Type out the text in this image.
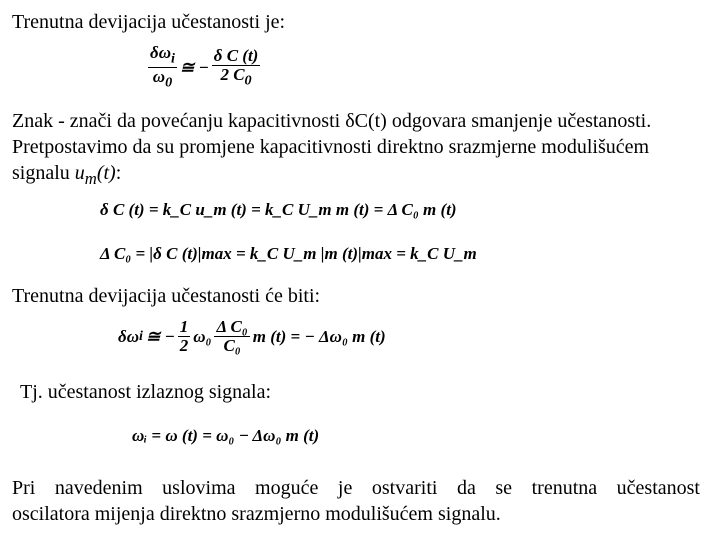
Trenutna devijacija učestanosti je:
$\frac{\delta\omega_i}{\omega_0}$ ≅ − $\frac{\text{δ C (t)}}{2 C_0}$
Znak - znači da povećanju kapacitivnosti δC(t) odgovara smanjenje učestanosti.
Pretpostavimo da su promjene kapacitivnosti direktno srazmjerne modulišućem
signalu $u_m(t)$:
δ C (t) = k_C u_m (t) = k_C U_m m (t) = Δ C₀ m (t)
Δ C₀ = |δ C (t)|max = k_C U_m |m (t)|max = k_C U_m
Trenutna devijacija učestanosti će biti:
δω i ≅ − $\frac{1}{2} \omega_0 \frac{\text{Δ C₀}}{\text{C₀}}$ m (t) = − Δω₀ m (t)
Tj. učestanost izlaznog signala:
ωᵢ = ω (t) = ω₀ − Δω₀ m (t)
Pri navedenim uslovima moguće je ostvariti da se trenutna učestanost
oscilatora mijenja direktno srazmjerno modulišućem signalu.
